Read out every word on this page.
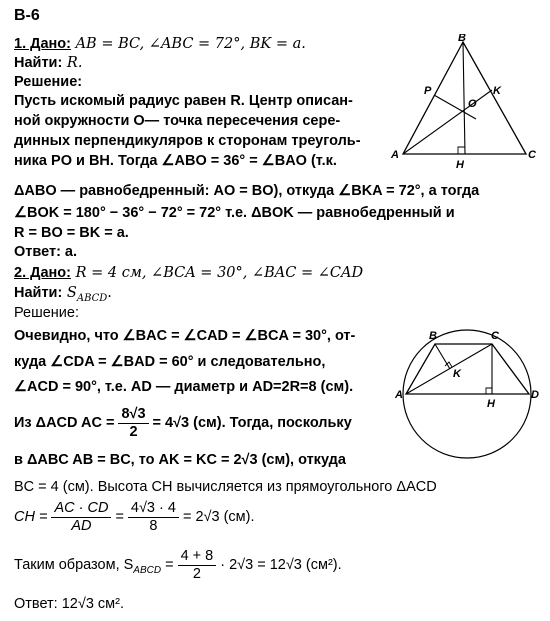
В-6
1. Дано: AB = BC, ∠ABC = 72°, BK = a.
Найти: R.
Решение:
Пусть искомый радиус равен R. Центр описан-
ной окружности O— точка пересечения сере-
динных перпендикуляров к сторонам треуголь-
ника PO и BH. Тогда ∠ABO = 36° = ∠BAO (т.к.
ΔABO — равнобедренный: AO = BO), откуда ∠BKA = 72°, а тогда
∠BOK = 180° − 36° − 72° = 72° т.е. ΔBOK — равнобедренный и
R = BO = BK = a.
Ответ: a.
2. Дано: R = 4 см, ∠BCA = 30°, ∠BAC = ∠CAD
Найти: $S_{ABCD}$.
Решение:
Очевидно, что ∠BAC = ∠CAD = ∠BCA = 30°, от-
куда ∠CDA = ∠BAD = 60° и следовательно,
∠ACD = 90°, т.е. AD — диаметр и AD=2R=8 (см).
Из ΔACD AC = $\frac{8√3}{2} = 4√3$ (см). Тогда, поскольку
в ΔABC AB = BC, то AK = KC = 2√3 (см), откуда
BC = 4 (см). Высота CH вычисляется из прямоугольного ΔACD
CH = $\frac{AC \cdot CD}{AD} = \frac{4√3 \cdot 4}{8} = 2√3$ (см).
Таким образом, $S_{ABCD} = \frac{4 + 8}{2} \cdot 2√3 = 12√3$ (см²).
Ответ: 12√3 см².
B
P	K
O
A
H
C
B	C
K
A
H
D
